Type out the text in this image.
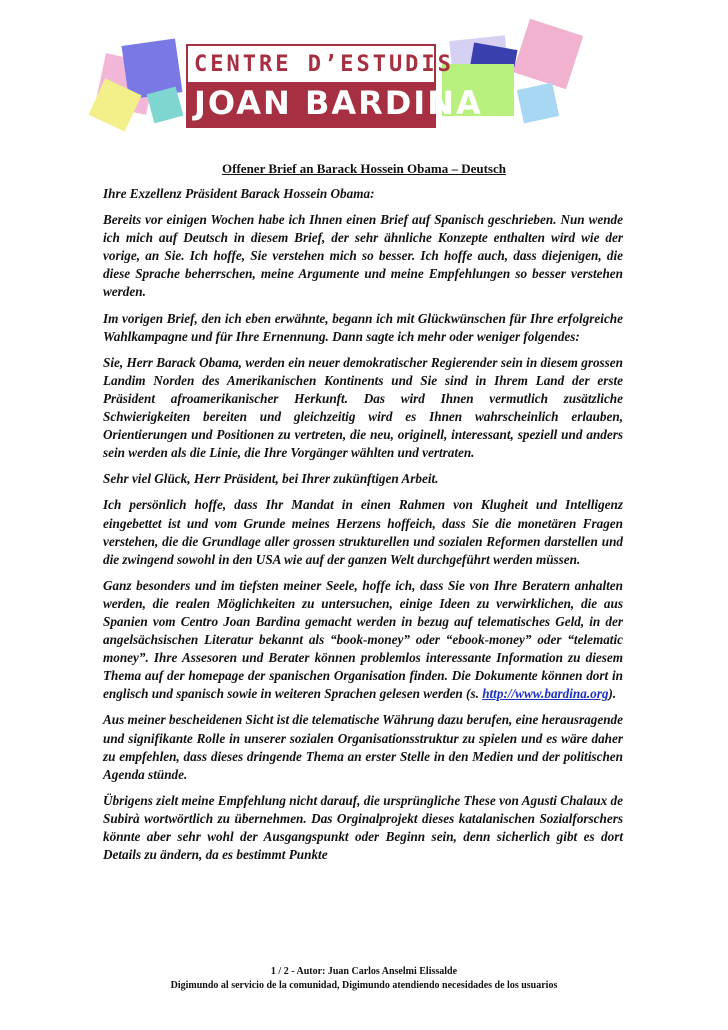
CENTRE D’ESTUDIS
JOAN BARDINA
Offener Brief an Barack Hossein Obama – Deutsch

Ihre Exzellenz Präsident Barack Hossein Obama:

Bereits vor einigen Wochen habe ich Ihnen einen Brief auf Spanisch geschrieben. Nun wende ich mich auf Deutsch in diesem Brief, der sehr ähnliche Konzepte enthalten wird wie der vorige, an Sie. Ich hoffe, Sie verstehen mich so besser. Ich hoffe auch, dass diejenigen, die diese Sprache beherrschen, meine Argumente und meine Empfehlungen so besser verstehen werden.

Im vorigen Brief, den ich eben erwähnte, begann ich mit Glückwünschen für Ihre erfolgreiche Wahlkampagne und für Ihre Ernennung. Dann sagte ich mehr oder weniger folgendes:

Sie, Herr Barack Obama, werden ein neuer demokratischer Regierender sein in diesem grossen Landim Norden des Amerikanischen Kontinents und Sie sind in Ihrem Land der erste Präsident afroamerikanischer Herkunft. Das wird Ihnen vermutlich zusätzliche Schwierigkeiten bereiten und gleichzeitig wird es Ihnen wahrscheinlich erlauben, Orientierungen und Positionen zu vertreten, die neu, originell, interessant, speziell und anders sein werden als die Linie, die Ihre Vorgänger wählten und vertraten.

Sehr viel Glück, Herr Präsident, bei Ihrer zukünftigen Arbeit.

Ich persönlich hoffe, dass Ihr Mandat in einen Rahmen von Klugheit und Intelligenz eingebettet ist und vom Grunde meines Herzens hoffeich, dass Sie die monetären Fragen verstehen, die die Grundlage aller grossen strukturellen und sozialen Reformen darstellen und die zwingend sowohl in den USA wie auf der ganzen Welt durchgeführt werden müssen.

Ganz besonders und im tiefsten meiner Seele, hoffe ich, dass Sie von Ihre Beratern anhalten werden, die realen Möglichkeiten zu untersuchen, einige Ideen zu verwirklichen, die aus Spanien vom Centro Joan Bardina gemacht werden in bezug auf telematisches Geld, in der angelsächsischen Literatur bekannt als “book-money” oder “ebook-money” oder “telematic money”. Ihre Assesoren und Berater können problemlos interessante Information zu diesem Thema auf der homepage der spanischen Organisation finden. Die Dokumente können dort in englisch und spanisch sowie in weiteren Sprachen gelesen werden (s. http://www.bardina.org).

Aus meiner bescheidenen Sicht ist die telematische Währung dazu berufen, eine herausragende und signifikante Rolle in unserer sozialen Organisationsstruktur zu spielen und es wäre daher zu empfehlen, dass dieses dringende Thema an erster Stelle in den Medien und der politischen Agenda stünde.

Übrigens zielt meine Empfehlung nicht darauf, die ursprüngliche These von Agusti Chalaux de Subirà wortwörtlich zu übernehmen. Das Orginalprojekt dieses katalanischen Sozialforschers könnte aber sehr wohl der Ausgangspunkt oder Beginn sein, denn sicherlich gibt es dort Details zu ändern, da es bestimmt Punkte

1 / 2 - Autor: Juan Carlos Anselmi Elissalde
Digimundo al servicio de la comunidad, Digimundo atendiendo necesidades de los usuarios
